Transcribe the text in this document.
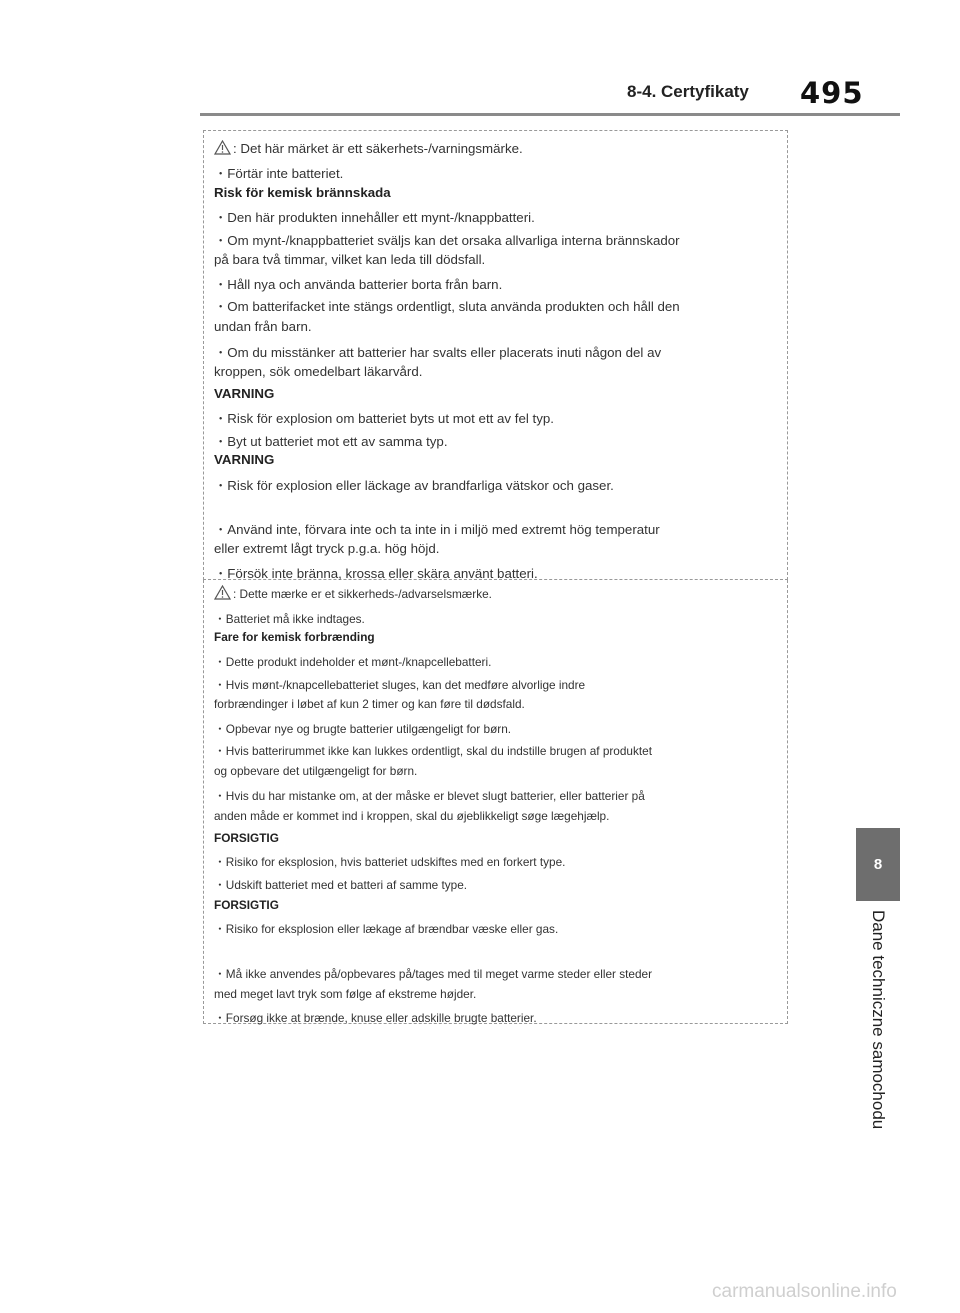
8-4. Certyfikaty 495
8
Dane techniczne samochodu
: Det här märket är ett säkerhets-/varningsmärke.
・Förtär inte batteriet.
Risk för kemisk brännskada
・Den här produkten innehåller ett mynt-/knappbatteri.
・Om mynt-/knappbatteriet sväljs kan det orsaka allvarliga interna brännskador
på bara två timmar, vilket kan leda till dödsfall.
・Håll nya och använda batterier borta från barn.
・Om batterifacket inte stängs ordentligt, sluta använda produkten och håll den
undan från barn.
・Om du misstänker att batterier har svalts eller placerats inuti någon del av
kroppen, sök omedelbart läkarvård.
VARNING
・Risk för explosion om batteriet byts ut mot ett av fel typ.
・Byt ut batteriet mot ett av samma typ.
VARNING
・Risk för explosion eller läckage av brandfarliga vätskor och gaser.
・Använd inte, förvara inte och ta inte in i miljö med extremt hög temperatur
eller extremt lågt tryck p.g.a. hög höjd.
・Försök inte bränna, krossa eller skära använt batteri.
: Dette mærke er et sikkerheds-/advarselsmærke.
・Batteriet må ikke indtages.
Fare for kemisk forbrænding
・Dette produkt indeholder et mønt-/knapcellebatteri.
・Hvis mønt-/knapcellebatteriet sluges, kan det medføre alvorlige indre
forbrændinger i løbet af kun 2 timer og kan føre til dødsfald.
・Opbevar nye og brugte batterier utilgængeligt for børn.
・Hvis batterirummet ikke kan lukkes ordentligt, skal du indstille brugen af produktet
og opbevare det utilgængeligt for børn.
・Hvis du har mistanke om, at der måske er blevet slugt batterier, eller batterier på
anden måde er kommet ind i kroppen, skal du øjeblikkeligt søge lægehjælp.
FORSIGTIG
・Risiko for eksplosion, hvis batteriet udskiftes med en forkert type.
・Udskift batteriet med et batteri af samme type.
FORSIGTIG
・Risiko for eksplosion eller lækage af brændbar væske eller gas.
・Må ikke anvendes på/opbevares på/tages med til meget varme steder eller steder
med meget lavt tryk som følge af ekstreme højder.
・Forsøg ikke at brænde, knuse eller adskille brugte batterier.
carmanualsonline.info
